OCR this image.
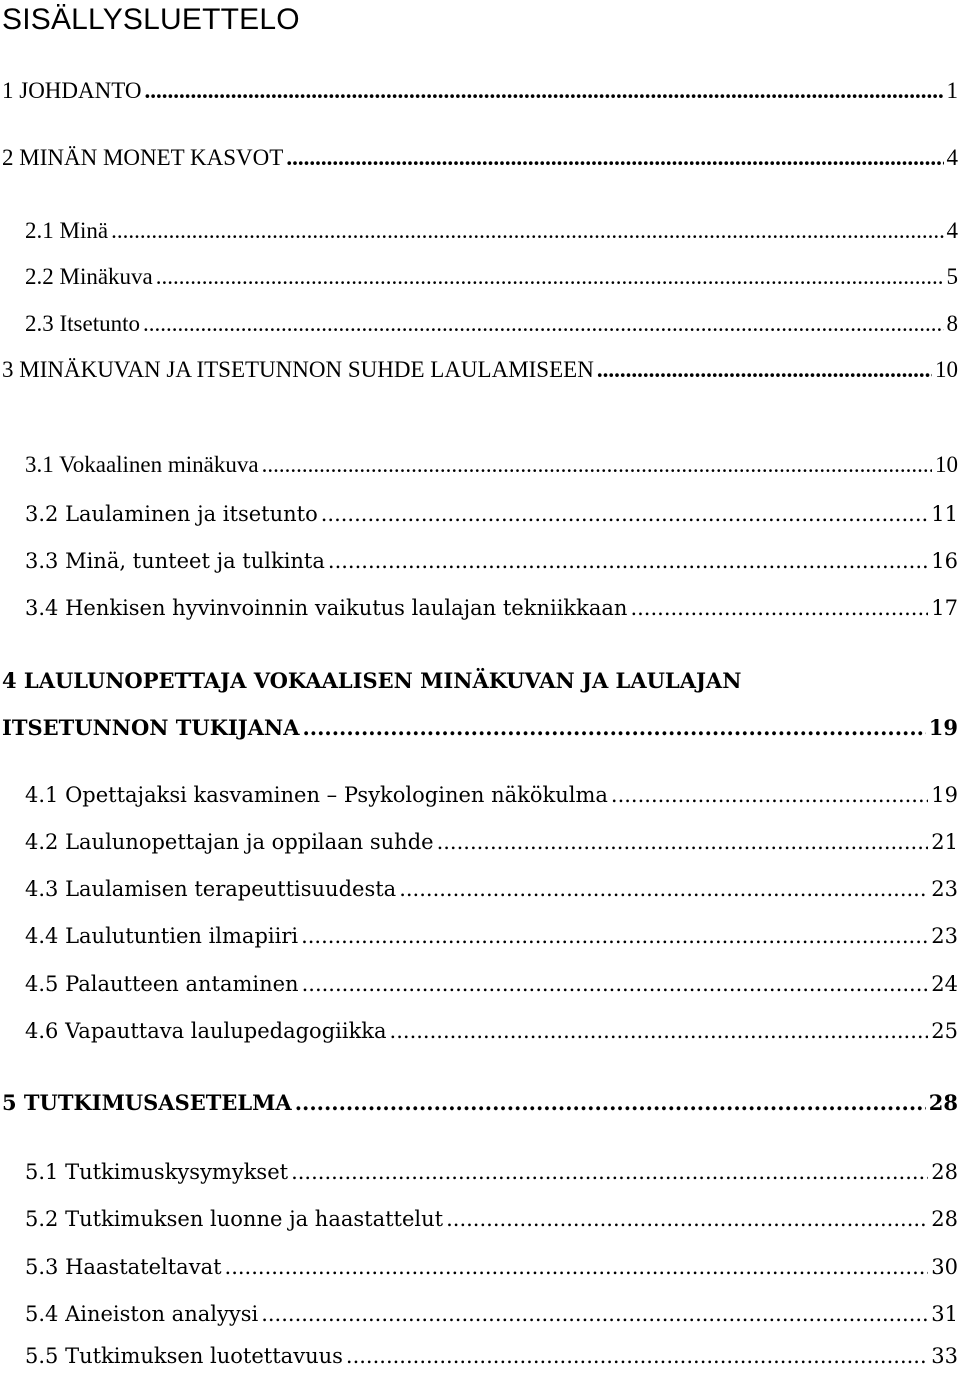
SISÄLLYSLUETTELO
1 JOHDANTO .....	1
2 MINÄN MONET KASVOT .....	4
2.1 Minä .....	4
2.2 Minäkuva .....	5
2.3 Itsetunto .....	8
3 MINÄKUVAN JA ITSETUNNON SUHDE LAULAMISEEN .....	10
3.1 Vokaalinen minäkuva .....	10
3.2 Laulaminen ja itsetunto .....	11
3.3 Minä, tunteet ja tulkinta .....	16
3.4 Henkisen hyvinvoinnin vaikutus laulajan tekniikkaan .....	17
4 LAULUNOPETTAJA VOKAALISEN MINÄKUVAN JA LAULAJAN
ITSETUNNON TUKIJANA .....	19
4.1 Opettajaksi kasvaminen – Psykologinen näkökulma .....	19
4.2 Laulunopettajan ja oppilaan suhde .....	21
4.3 Laulamisen terapeuttisuudesta .....	23
4.4 Laulutuntien ilmapiiri .....	23
4.5 Palautteen antaminen .....	24
4.6 Vapauttava laulupedagogiikka .....	25
5 TUTKIMUSASETELMA .....	28
5.1 Tutkimuskysymykset .....	28
5.2 Tutkimuksen luonne ja haastattelut .....	28
5.3 Haastateltavat .....	30
5.4 Aineiston analyysi .....	31
5.5 Tutkimuksen luotettavuus .....	33
